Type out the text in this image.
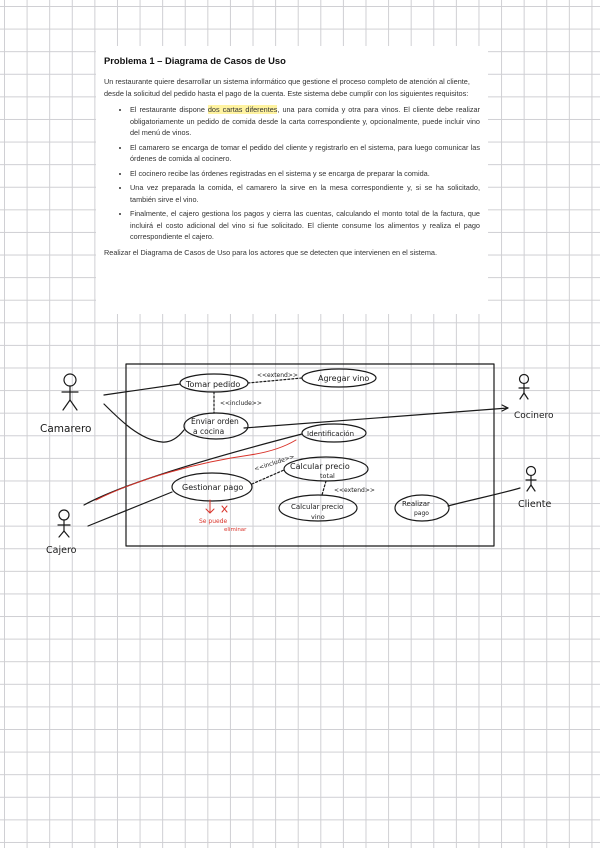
Problema 1 – Diagrama de Casos de Uso

Un restaurante quiere desarrollar un sistema informático que gestione el proceso completo de atención al cliente, desde la solicitud del pedido hasta el pago de la cuenta. Este sistema debe cumplir con los siguientes requisitos:

• El restaurante dispone dos cartas diferentes, una para comida y otra para vinos. El cliente debe realizar obligatoriamente un pedido de comida desde la carta correspondiente y, opcionalmente, puede incluir vino del menú de vinos.
• El camarero se encarga de tomar el pedido del cliente y registrarlo en el sistema, para luego comunicar las órdenes de comida al cocinero.
• El cocinero recibe las órdenes registradas en el sistema y se encarga de preparar la comida.
• Una vez preparada la comida, el camarero la sirve en la mesa correspondiente y, si se ha solicitado, también sirve el vino.
• Finalmente, el cajero gestiona los pagos y cierra las cuentas, calculando el monto total de la factura, que incluirá el costo adicional del vino si fue solicitado. El cliente consume los alimentos y realiza el pago correspondiente el cajero.

Realizar el Diagrama de Casos de Uso para los actores que se detecten que intervienen en el sistema.

Tomar pedido
Agregar vino
Enviar orden
a cocina	Identificación
Calcular precio
total
Gestionar pago
Calcular precio
vino
Realizar
pago
<<extend>>
<<include>>
<<include>>
<<extend>>
Camarero
Cocinero
Cliente
Cajero
Se puede
eliminar
